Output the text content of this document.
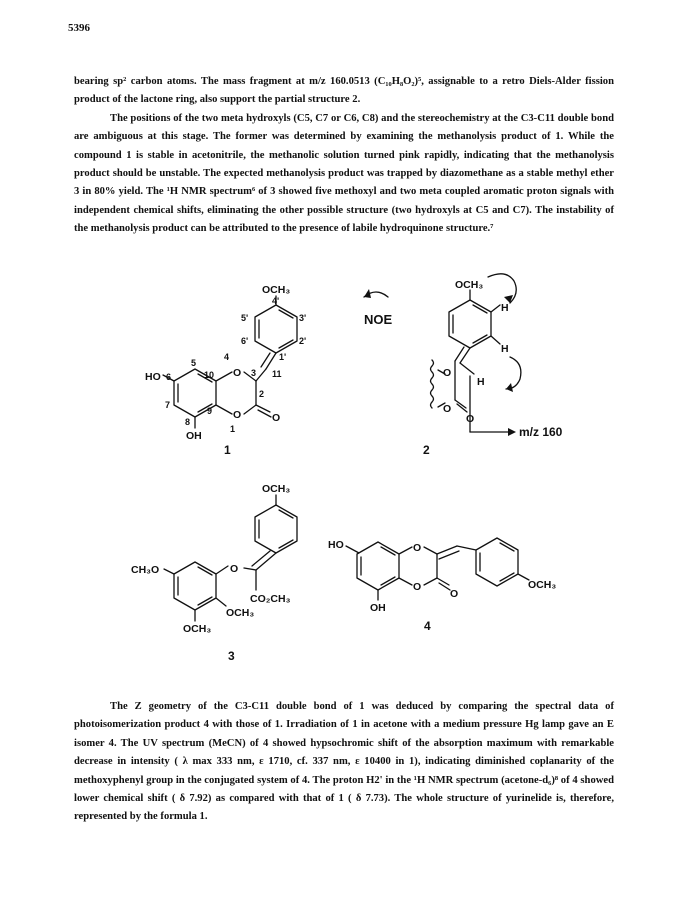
5396

bearing sp² carbon atoms. The mass fragment at m/z 160.0513 (C₁₀H₈O₂)⁵, assignable to a retro Diels-Alder fission product of the lactone ring, also support the partial structure 2.

The positions of the two meta hydroxyls (C5, C7 or C6, C8) and the stereochemistry at the C3-C11 double bond are ambiguous at this stage. The former was determined by examining the methanolysis product of 1. While the compound 1 is stable in acetonitrile, the methanolic solution turned pink rapidly, indicating that the methanolysis product should be unstable. The expected methanolysis product was trapped by diazomethane as a stable methyl ether 3 in 80% yield. The ¹H NMR spectrum⁶ of 3 showed five methoxyl and two meta coupled aromatic proton signals with independent chemical shifts, eliminating the other possible structure (two hydroxyls at C5 and C7). The instability of the methanolysis product can be attributed to the presence of labile hydroquinone structure.⁷

OCH₃
4'
3'
5'
6'	2'
1'
HO 6
5
10
4
O 3 11
2
7
9 O	O
8
1
OH
1
OCH₃
NOE
H
H
H
O
O
O
m/z 160
2
OCH₃
CH₃O	O
CO₂CH₃
OCH₃
OCH₃
3
HO	O
O
O
OCH₃
OH
4

The Z geometry of the C3-C11 double bond of 1 was deduced by comparing the spectral data of photoisomerization product 4 with those of 1. Irradiation of 1 in acetone with a medium pressure Hg lamp gave an E isomer 4. The UV spectrum (MeCN) of 4 showed hypsochromic shift of the absorption maximum with remarkable decrease in intensity ( λ max 333 nm, ε 1710, cf. 337 nm, ε 10400 in 1), indicating diminished coplanarity of the methoxyphenyl group in the conjugated system of 4. The proton H2' in the ¹H NMR spectrum (acetone-d₆)⁸ of 4 showed lower chemical shift ( δ 7.92) as compared with that of 1 ( δ 7.73). The whole structure of yurinelide is, therefore, represented by the formula 1.
